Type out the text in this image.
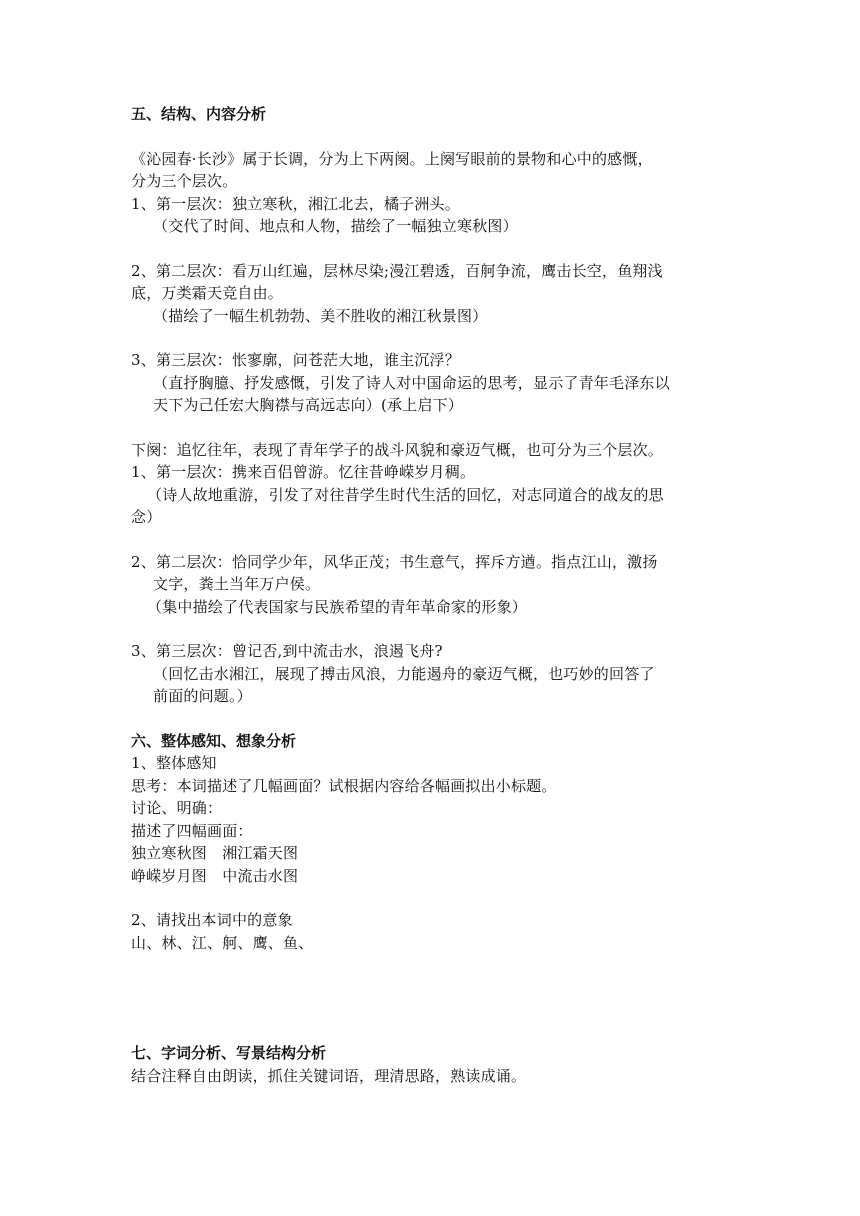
五、结构、内容分析
《沁园春·长沙》属于长调，分为上下两阕。上阕写眼前的景物和心中的感慨，
分为三个层次。
1、第一层次：独立寒秋，湘江北去，橘子洲头。
（交代了时间、地点和人物，描绘了一幅独立寒秋图）
2、第二层次：看万山红遍，层林尽染;漫江碧透，百舸争流，鹰击长空，鱼翔浅
底，万类霜天竞自由。
（描绘了一幅生机勃勃、美不胜收的湘江秋景图）
3、第三层次：怅寥廓，问苍茫大地，谁主沉浮？
（直抒胸臆、抒发感慨，引发了诗人对中国命运的思考，显示了青年毛泽东以
天下为己任宏大胸襟与高远志向）(承上启下）
下阕：追忆往年，表现了青年学子的战斗风貌和豪迈气概，也可分为三个层次。
1、第一层次：携来百侣曾游。忆往昔峥嵘岁月稠。
（诗人故地重游，引发了对往昔学生时代生活的回忆，对志同道合的战友的思
念）
2、第二层次：恰同学少年，风华正茂；书生意气，挥斥方遒。指点江山，激扬
文字，粪土当年万户侯。
（集中描绘了代表国家与民族希望的青年革命家的形象）
3、第三层次：曾记否,到中流击水，浪遏飞舟?
（回忆击水湘江，展现了搏击风浪，力能遏舟的豪迈气概，也巧妙的回答了
前面的问题。）
六、整体感知、想象分析
1、整体感知
思考：本词描述了几幅画面？试根据内容给各幅画拟出小标题。
讨论、明确：
描述了四幅画面：
独立寒秋图　湘江霜天图
峥嵘岁月图　中流击水图
2、请找出本词中的意象
山、林、江、舸、鹰、鱼、
七、字词分析、写景结构分析
结合注释自由朗读，抓住关键词语，理清思路，熟读成诵。
